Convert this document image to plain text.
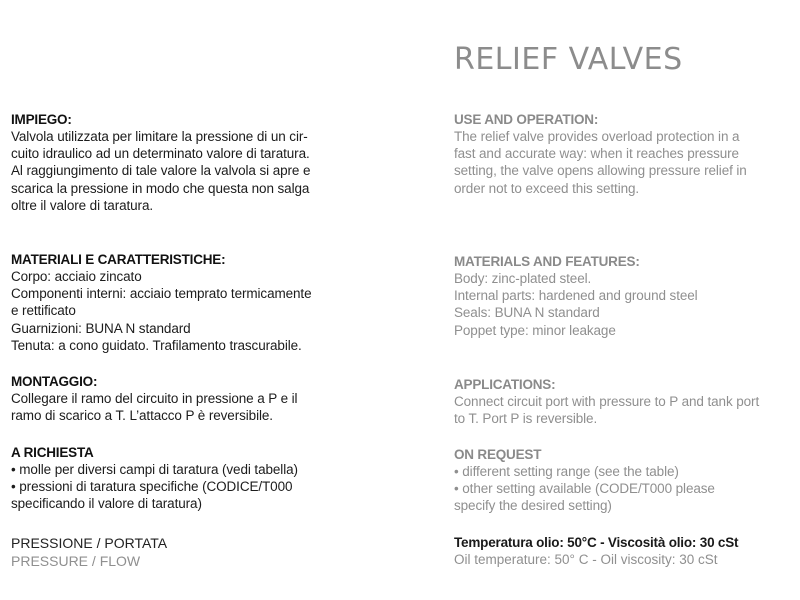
RELIEF VALVES
IMPIEGO:
Valvola utilizzata per limitare la pressione di un cir-
cuito idraulico ad un determinato valore di taratura.
Al raggiungimento di tale valore la valvola si apre e
scarica la pressione in modo che questa non salga
oltre il valore di taratura.
MATERIALI E CARATTERISTICHE:
Corpo: acciaio zincato
Componenti interni: acciaio temprato termicamente
e rettificato
Guarnizioni: BUNA N standard
Tenuta: a cono guidato. Trafilamento trascurabile.
MONTAGGIO:
Collegare il ramo del circuito in pressione a P e il
ramo di scarico a T. L’attacco P è reversibile.
A RICHIESTA
• molle per diversi campi di taratura (vedi tabella)
• pressioni di taratura specifiche (CODICE/T000
specificando il valore di taratura)
PRESSIONE / PORTATA
PRESSURE / FLOW
USE AND OPERATION:
The relief valve provides overload protection in a
fast and accurate way: when it reaches pressure
setting, the valve opens allowing pressure relief in
order not to exceed this setting.
MATERIALS AND FEATURES:
Body: zinc-plated steel.
Internal parts: hardened and ground steel
Seals: BUNA N standard
Poppet type: minor leakage
APPLICATIONS:
Connect circuit port with pressure to P and tank port
to T. Port P is reversible.
ON REQUEST
• different setting range (see the table)
• other setting available (CODE/T000 please
specify the desired setting)
Temperatura olio: 50°C - Viscosità olio: 30 cSt
Oil temperature: 50° C - Oil viscosity: 30 cSt
